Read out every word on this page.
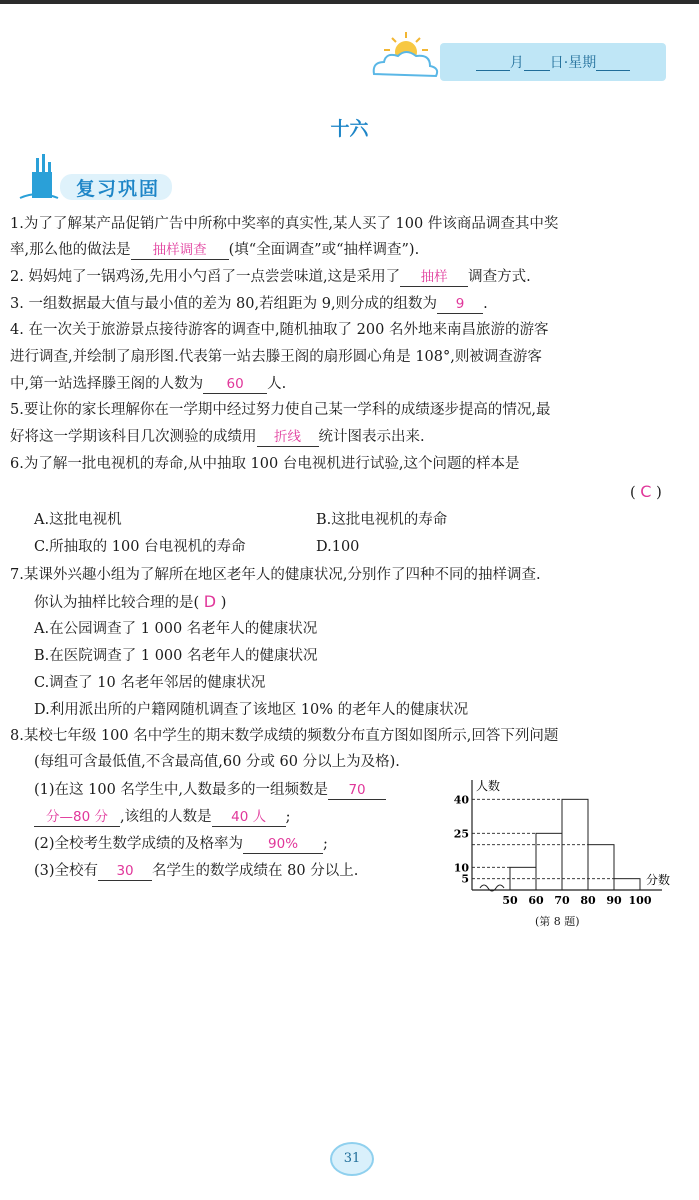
月 日·星期
十六
复习巩固
1.为了了解某产品促销广告中所称中奖率的真实性,某人买了 100 件该商品调查其中奖
率,那么他的做法是 抽样调查 (填“全面调查”或“抽样调查”).
2. 妈妈炖了一锅鸡汤,先用小勺舀了一点尝尝味道,这是采用了 抽样 调查方式.
3. 一组数据最大值与最小值的差为 80,若组距为 9,则分成的组数为 9 .
4. 在一次关于旅游景点接待游客的调查中,随机抽取了 200 名外地来南昌旅游的游客
进行调查,并绘制了扇形图.代表第一站去滕王阁的扇形圆心角是 108°,则被调查游客
中,第一站选择滕王阁的人数为 60 人.
5.要让你的家长理解你在一学期中经过努力使自己某一学科的成绩逐步提高的情况,最
好将这一学期该科目几次测验的成绩用 折线 统计图表示出来.
6.为了解一批电视机的寿命,从中抽取 100 台电视机进行试验,这个问题的样本是
( C )
A.这批电视机	B.这批电视机的寿命
C.所抽取的 100 台电视机的寿命	D.100
7.某课外兴趣小组为了解所在地区老年人的健康状况,分别作了四种不同的抽样调查.
你认为抽样比较合理的是( D )
A.在公园调查了 1 000 名老年人的健康状况
B.在医院调查了 1 000 名老年人的健康状况
C.调查了 10 名老年邻居的健康状况
D.利用派出所的户籍网随机调查了该地区 10% 的老年人的健康状况
8.某校七年级 100 名中学生的期末数学成绩的频数分布直方图如图所示,回答下列问题
(每组可含最低值,不含最高值,60 分或 60 分以上为及格).
(1)在这 100 名学生中,人数最多的一组频数是 70
分—80 分 ,该组的人数是 40 人 ;
(2)全校考生数学成绩的及格率为 90% ;
(3)全校有 30 名学生的数学成绩在 80 分以上.
50 60 70 80 90 100
5
10
25
40
人数
分数
(第 8 题)
31
